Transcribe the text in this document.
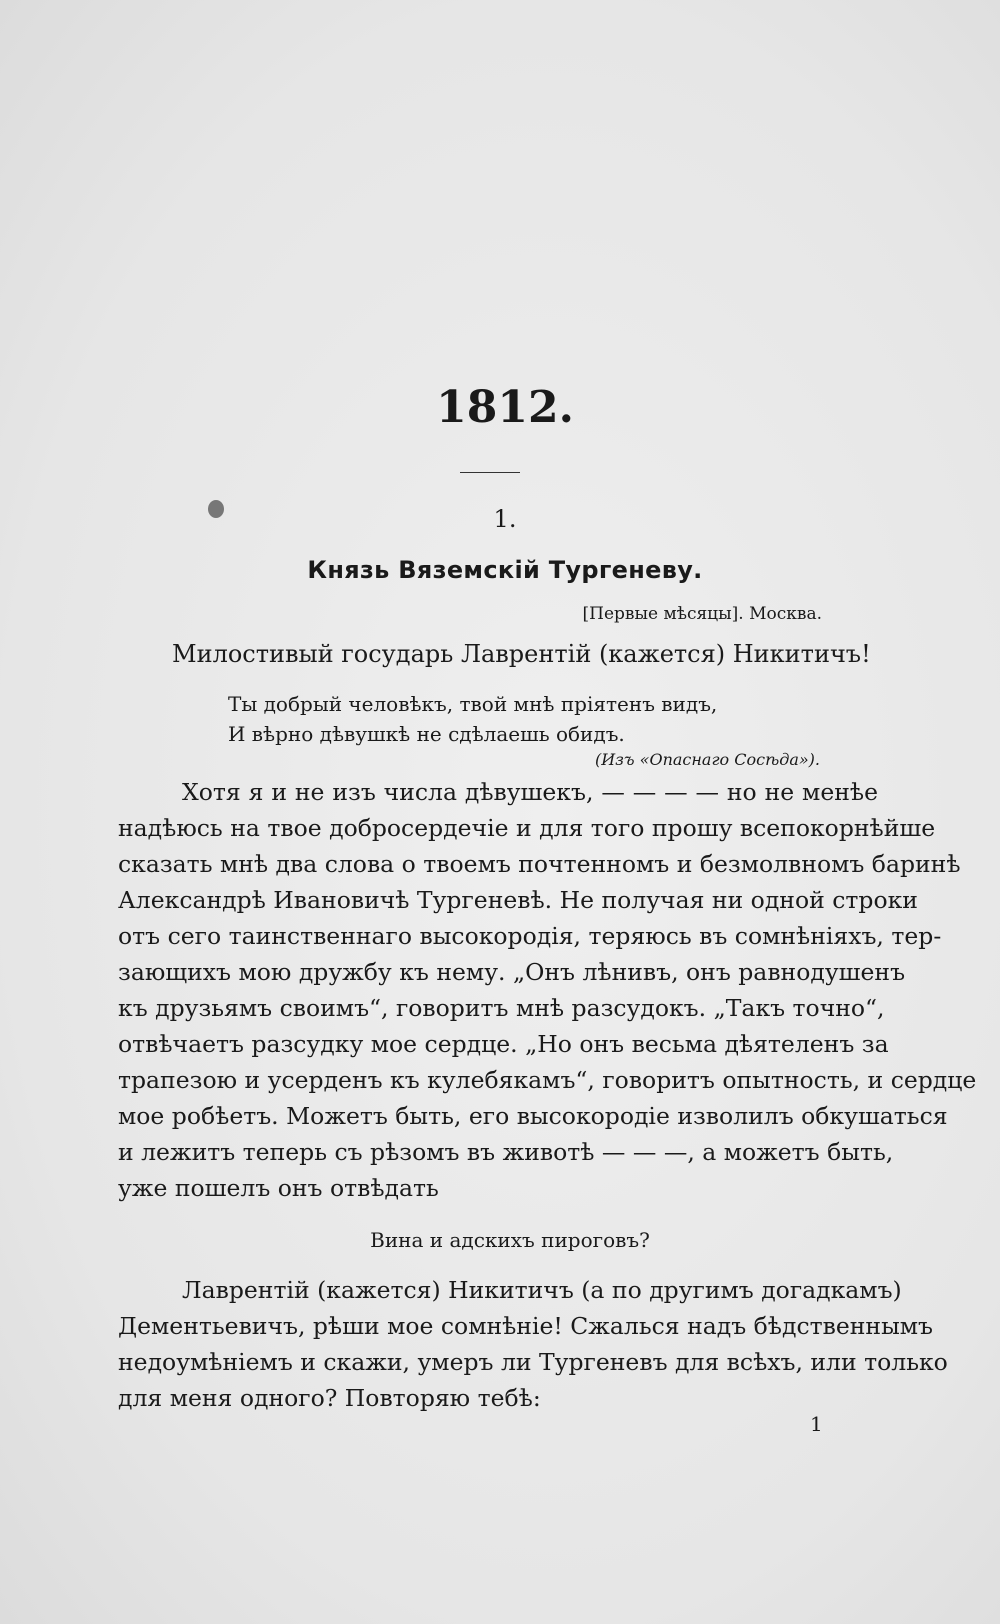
1812.
1.
Князь Вяземскій Тургеневу.
[Первые мѣсяцы]. Москва.
Милостивый государь Лаврентій (кажется) Никитичъ!
Ты добрый человѣкъ, твой мнѣ пріятенъ видъ,
И вѣрно дѣвушкѣ не сдѣлаешь обидъ.
(Изъ «Опаснаго Сосѣда»).
Хотя я и не изъ числа дѣвушекъ, — — — — но не менѣе
надѣюсь на твое добросердечіе и для того прошу всепокорнѣйше
сказать мнѣ два слова о твоемъ почтенномъ и безмолвномъ баринѣ
Александрѣ Ивановичѣ Тургеневѣ. Не получая ни одной строки
отъ сего таинственнаго высокородія, теряюсь въ сомнѣніяхъ, тер-
зающихъ мою дружбу къ нему. „Онъ лѣнивъ, онъ равнодушенъ
къ друзьямъ своимъ“, говоритъ мнѣ разсудокъ. „Такъ точно“,
отвѣчаетъ разсудку мое сердце. „Но онъ весьма дѣятеленъ за
трапезою и усерденъ къ кулебякамъ“, говоритъ опытность, и сердце
мое робѣетъ. Можетъ быть, его высокородіе изволилъ обкушаться
и лежитъ теперь съ рѣзомъ въ животѣ — — —, а можетъ быть,
уже пошелъ онъ отвѣдать
Вина и адскихъ пироговъ?
Лаврентій (кажется) Никитичъ (а по другимъ догадкамъ)
Дементьевичъ, рѣши мое сомнѣніе! Сжалься надъ бѣдственнымъ
недоумѣніемъ и скажи, умеръ ли Тургеневъ для всѣхъ, или только
для меня одного? Повторяю тебѣ:
1
